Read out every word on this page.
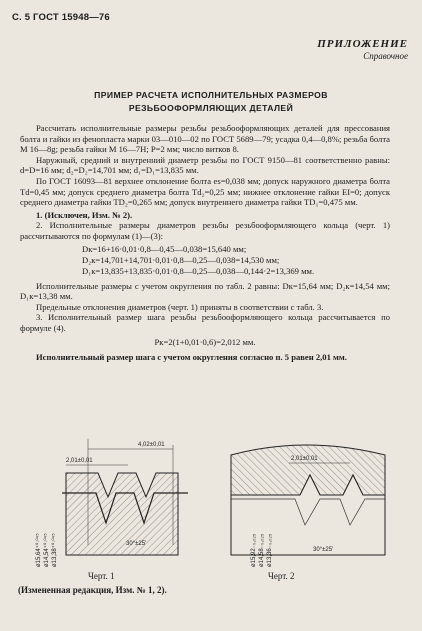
С. 5 ГОСТ 15948—76
ПРИЛОЖЕНИЕ
Справочное
ПРИМЕР РАСЧЕТА ИСПОЛНИТЕЛЬНЫХ РАЗМЕРОВ
РЕЗЬБООФОРМЛЯЮЩИХ ДЕТАЛЕЙ

Рассчитать исполнительные размеры резьбы резьбооформляющих деталей для прессования болта и гайки из фенопласта марки 03—010—02 по ГОСТ 5689—79; усадка 0,4—0,8%; резьба болта М 16—8g; резьба гайки М 16—7H; P=2 мм; число витков 8.

Наружный, средний и внутренний диаметр резьбы по ГОСТ 9150—81 соответственно равны: d=D=16 мм; d₂=D₂=14,701 мм; d₁=D₁=13,835 мм.

По ГОСТ 16093—81 верхнее отклонение болта es=0,038 мм; допуск наружного диаметра болта Td=0,45 мм; допуск среднего диаметра болта Td₂=0,25 мм; нижнее отклонение гайки EI=0; допуск среднего диаметра гайки TD₂=0,265 мм; допуск внутреннего диаметра гайки TD₁=0,475 мм.

1. (Исключен, Изм. № 2).

2. Исполнительные размеры диаметров резьбы резьбооформляющего кольца (черт. 1) рассчитываются по формулам (1)—(3):

Dк=16+16·0,01·0,8—0,45—0,038=15,640 мм;

D₂к=14,701+14,701·0,01·0,8—0,25—0,038=14,530 мм;

D₁к=13,835+13,835·0,01·0,8—0,25—0,038—0,144·2=13,369 мм.

Исполнительные размеры с учетом округления по табл. 2 равны: Dк=15,64 мм; D₂к=14,54 мм; D₁к=13,38 мм.

Предельные отклонения диаметров (черт. 1) приняты в соответствии с табл. 3.

3. Исполнительный размер шага резьбы резьбооформляющего кольца рассчитывается по формуле (4).

Pк=2(1+0,01·0,6)=2,012 мм.

Исполнительный размер шага с учетом округления согласно п. 5 равен 2,01 мм.

4,02±0,01
2,01±0,01
30°±25'
ø15,64⁺⁰·⁰⁴⁵ ø14,54⁺⁰·⁰⁴⁵ ø13,38⁺⁰·⁰⁴⁵
2,01±0,01
30°±25'
ø15,92₋₀,₀₂₅ ø14,58₋₀,₀₂₅ ø13,36₋₀,₀₂₅
Черт. 1	Черт. 2
(Измененная редакция, Изм. № 1, 2).
